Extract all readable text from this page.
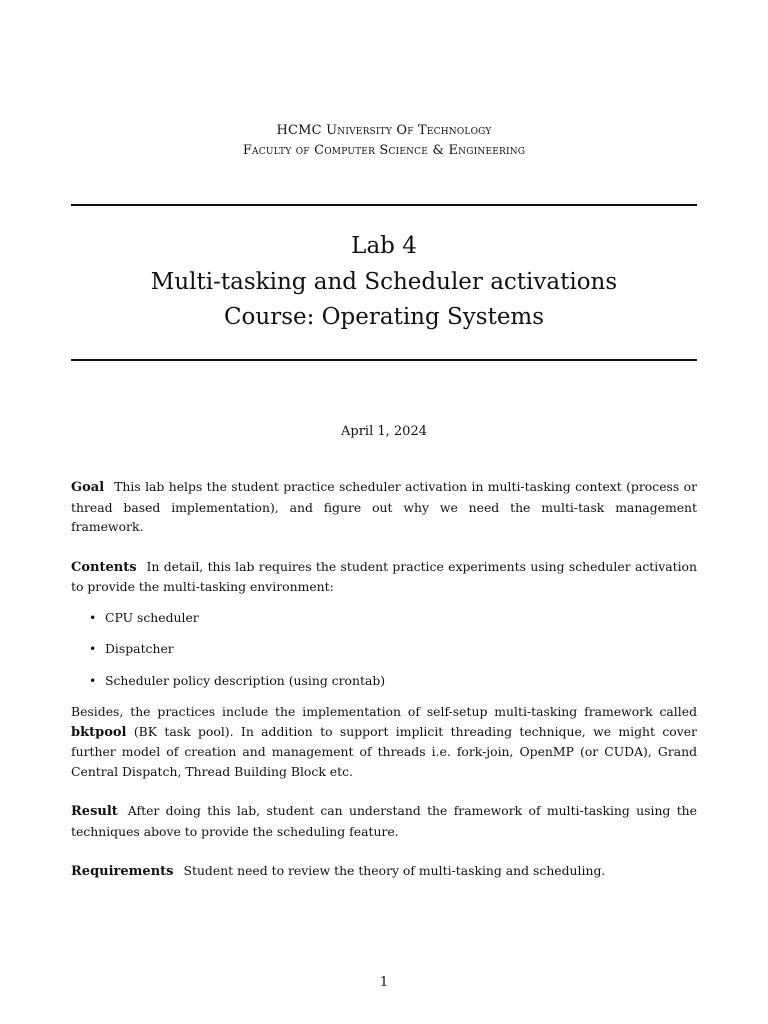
HCMC University Of Technology
Faculty of Computer Science & Engineering
Lab 4
Multi-tasking and Scheduler activations
Course: Operating Systems
April 1, 2024

Goal This lab helps the student practice scheduler activation in multi-tasking context (process or thread based implementation), and figure out why we need the multi-task management framework.

Contents In detail, this lab requires the student practice experiments using scheduler activation to provide the multi-tasking environment:

• CPU scheduler
• Dispatcher
• Scheduler policy description (using crontab)

Besides, the practices include the implementation of self-setup multi-tasking framework called bktpool (BK task pool). In addition to support implicit threading technique, we might cover further model of creation and management of threads i.e. fork-join, OpenMP (or CUDA), Grand Central Dispatch, Thread Building Block etc.

Result After doing this lab, student can understand the framework of multi-tasking using the techniques above to provide the scheduling feature.

Requirements Student need to review the theory of multi-tasking and scheduling.

1
